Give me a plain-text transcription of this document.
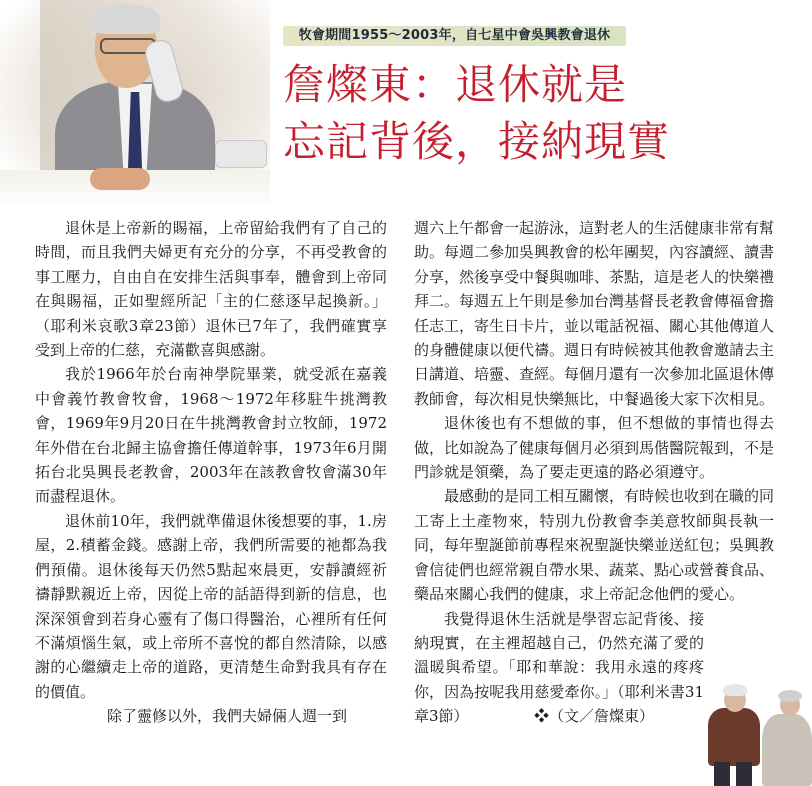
牧會期間1955～2003年，自七星中會吳興教會退休
詹燦東：退休就是
忘記背後，接納現實

退休是上帝新的賜福，上帝留給我們有了自己的時間，而且我們夫婦更有充分的分享，不再受教會的事工壓力，自由自在安排生活與事奉，體會到上帝同在與賜福，正如聖經所記「主的仁慈逐早起換新。」（耶利米哀歌3章23節）退休已7年了，我們確實享受到上帝的仁慈，充滿歡喜與感謝。

我於1966年於台南神學院畢業，就受派在嘉義中會義竹教會牧會，1968～1972年移駐牛挑灣教會，1969年9月20日在牛挑灣教會封立牧師，1972年外借在台北歸主協會擔任傳道幹事，1973年6月開拓台北吳興長老教會，2003年在該教會牧會滿30年而盡程退休。

退休前10年，我們就準備退休後想要的事，1.房屋，2.積蓄金錢。感謝上帝，我們所需要的祂都為我們預備。退休後每天仍然5點起來晨更，安靜讀經祈禱靜默親近上帝，因從上帝的話語得到新的信息，也深深領會到若身心靈有了傷口得醫治，心裡所有任何不滿煩惱生氣，或上帝所不喜悅的都自然清除，以感謝的心繼續走上帝的道路，更清楚生命對我具有存在的價值。

除了靈修以外，我們夫婦倆人週一到

週六上午都會一起游泳，這對老人的生活健康非常有幫助。每週二參加吳興教會的松年團契，內容讀經、讀書分享，然後享受中餐與咖啡、茶點，這是老人的快樂禮拜二。每週五上午則是參加台灣基督長老教會傳福會擔任志工，寄生日卡片，並以電話祝福、關心其他傳道人的身體健康以便代禱。週日有時候被其他教會邀請去主日講道、培靈、查經。每個月還有一次參加北區退休傳教師會，每次相見快樂無比，中餐過後大家下次相見。

退休後也有不想做的事，但不想做的事情也得去做，比如說為了健康每個月必須到馬偕醫院報到，不是門診就是領藥，為了要走更遠的路必須遵守。

最感動的是同工相互關懷，有時候也收到在職的同工寄上土產物來，特別九份教會李美意牧師與長執一同，每年聖誕節前專程來祝聖誕快樂並送紅包；吳興教會信徒們也經常親自帶水果、蔬菜、點心或營養食品、藥品來關心我們的健康，求上帝記念他們的愛心。

我覺得退休生活就是學習忘記背後、接納現實，在主裡超越自己，仍然充滿了愛的溫暖與希望。「耶和華說：我用永遠的疼疼你，因為按呢我用慈愛牽你。」（耶利米書31章3節）	❖（文／詹燦東）
